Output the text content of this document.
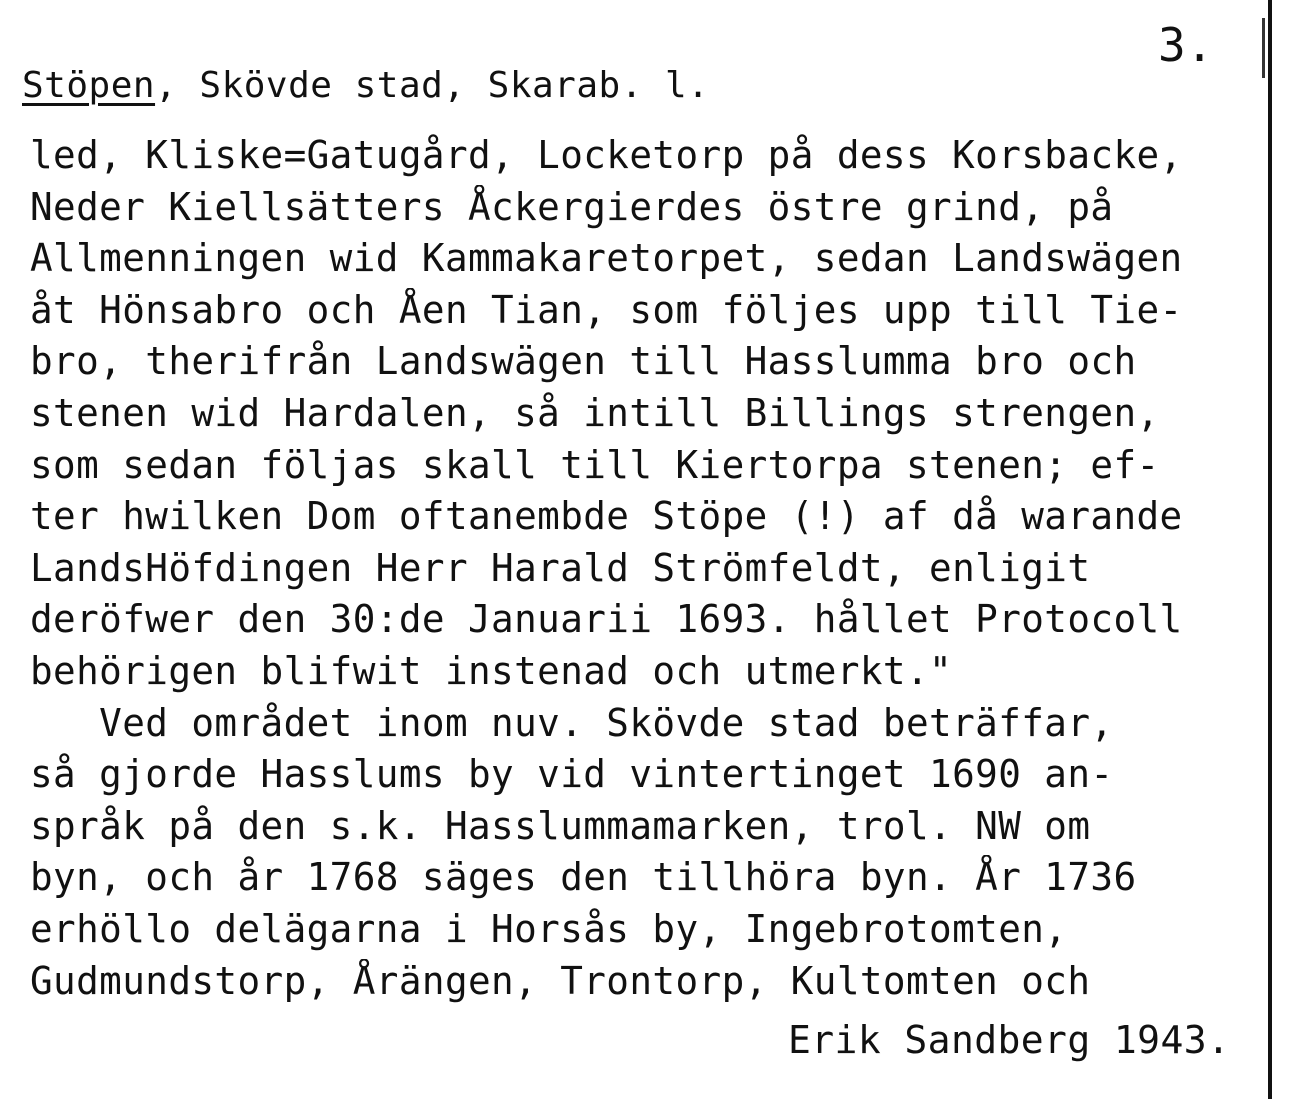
3.
Stöpen, Skövde stad, Skarab. l.
led, Kliske=Gatugård, Locketorp på dess Korsbacke,
Neder Kiellsätters Åckergierdes östre grind, på
Allmenningen wid Kammakaretorpet, sedan Landswägen
åt Hönsabro och Åen Tian, som följes upp till Tie-
bro, therifrån Landswägen till Hasslumma bro och
stenen wid Hardalen, så intill Billings strengen,
som sedan följas skall till Kiertorpa stenen; ef-
ter hwilken Dom oftanembde Stöpe (!) af då warande
LandsHöfdingen Herr Harald Strömfeldt, enligit
deröfwer den 30:de Januarii 1693. hållet Protocoll
behörigen blifwit instenad och utmerkt."
Ved området inom nuv. Skövde stad beträffar,
så gjorde Hasslums by vid vintertinget 1690 an-
språk på den s.k. Hasslummamarken, trol. NW om
byn, och år 1768 säges den tillhöra byn. År 1736
erhöllo delägarna i Horsås by, Ingebrotomten,
Gudmundstorp, Årängen, Trontorp, Kultomten och
Erik Sandberg 1943.
